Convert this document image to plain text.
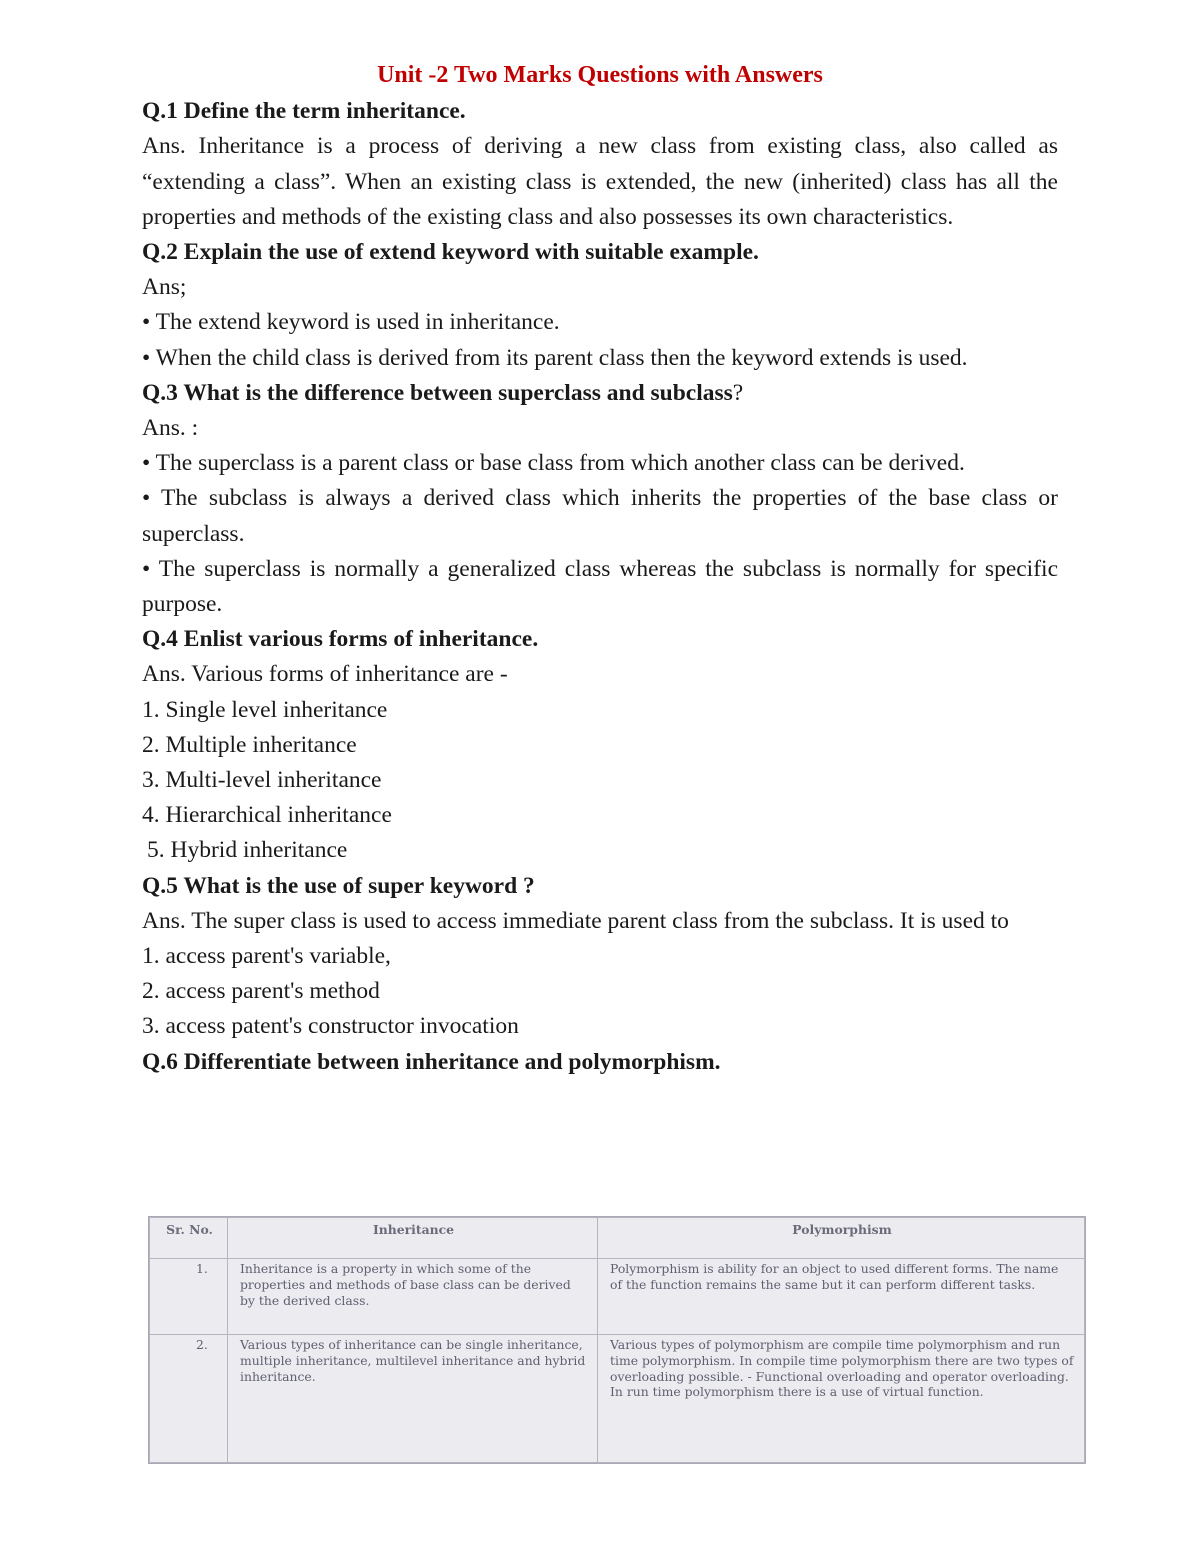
Unit -2 Two Marks Questions with Answers

Q.1 Define the term inheritance.

Ans. Inheritance is a process of deriving a new class from existing class, also called as “extending a class”. When an existing class is extended, the new (inherited) class has all the properties and methods of the existing class and also possesses its own characteristics.

Q.2 Explain the use of extend keyword with suitable example.

Ans;

• The extend keyword is used in inheritance.

• When the child class is derived from its parent class then the keyword extends is used.

Q.3 What is the difference between superclass and subclass?

Ans. :

• The superclass is a parent class or base class from which another class can be derived.

• The subclass is always a derived class which inherits the properties of the base class or superclass.

• The superclass is normally a generalized class whereas the subclass is normally for specific purpose.

Q.4 Enlist various forms of inheritance.

Ans. Various forms of inheritance are -

1. Single level inheritance

2. Multiple inheritance

3. Multi-level inheritance

4. Hierarchical inheritance

5. Hybrid inheritance

Q.5 What is the use of super keyword ?

Ans. The super class is used to access immediate parent class from the subclass. It is used to

1. access parent's variable,

2. access parent's method

3. access patent's constructor invocation

Q.6 Differentiate between inheritance and polymorphism.

Sr. No.	Inheritance	Polymorphism
1.	Inheritance is a property in which some of the properties and methods of base class can be derived by the derived class.	Polymorphism is ability for an object to used different forms. The name of the function remains the same but it can perform different tasks.
2.	Various types of inheritance can be single inheritance, multiple inheritance, multilevel inheritance and hybrid inheritance.	Various types of polymorphism are compile time polymorphism and run time polymorphism. In compile time polymorphism there are two types of overloading possible. - Functional overloading and operator overloading. In run time polymorphism there is a use of virtual function.
